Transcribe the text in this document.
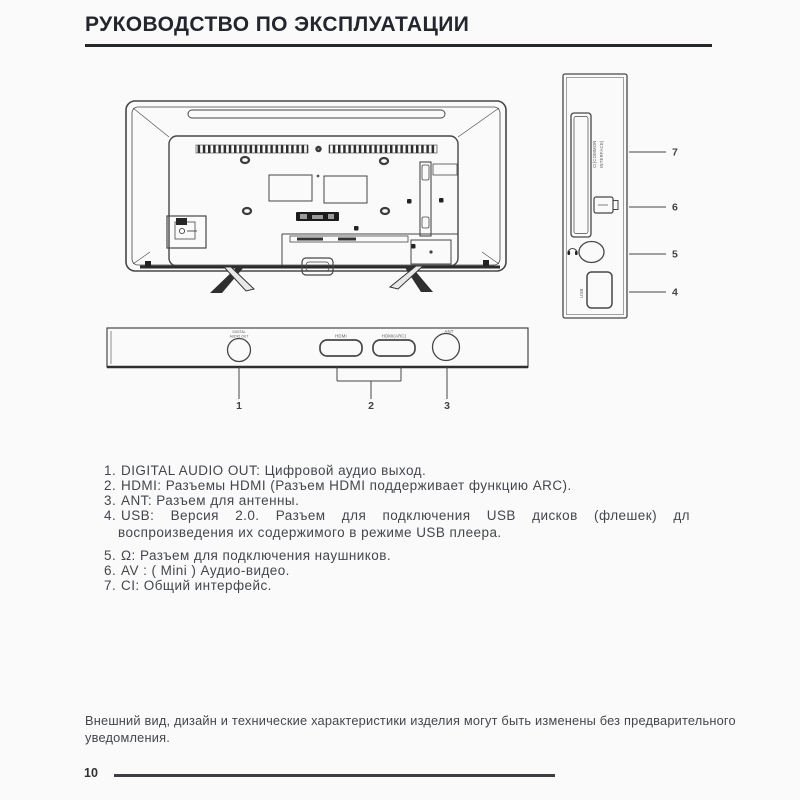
РУКОВОДСТВО ПО ЭКСПЛУАТАЦИИ
CI(COMMON INTERFACE)
USB
7
6
5
4
DIGITAL
AUDIO OUT	HDMI	HDMI(ARC)
ANT
1	2	3
1. DIGITAL AUDIO OUT: Цифровой аудио выход.
2. HDMI: Разъемы HDMI (Разъем HDMI поддерживает функцию ARC).
3. ANT: Разъем для антенны.
4. USB: Версия 2.0. Разъем для подключения USB дисков (флешек) дл
воспроизведения их содержимого в режиме USB плеера.
5. Ω: Разъем для подключения наушников.
6. AV : ( Mini ) Аудио-видео.
7. CI: Общий интерфейс.

Внешний вид, дизайн и технические характеристики изделия могут быть изменены без предварительного уведомления.

10
